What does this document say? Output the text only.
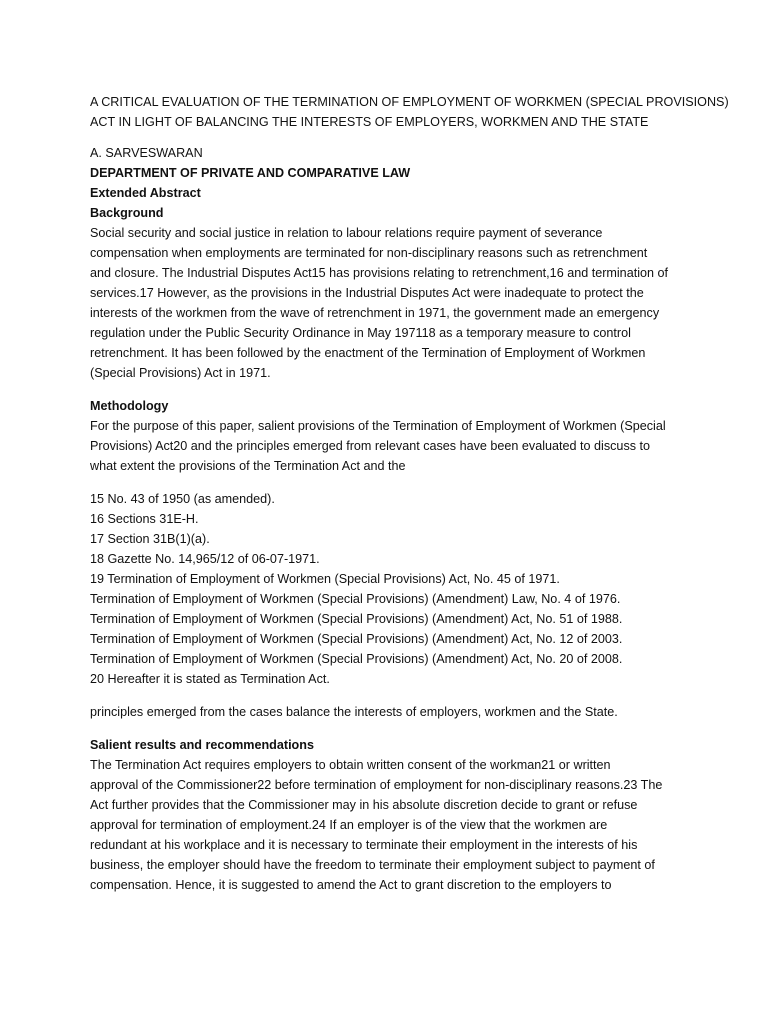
A CRITICAL EVALUATION OF THE TERMINATION OF EMPLOYMENT OF WORKMEN (SPECIAL PROVISIONS)
ACT IN LIGHT OF BALANCING THE INTERESTS OF EMPLOYERS, WORKMEN AND THE STATE

A. SARVESWARAN

DEPARTMENT OF PRIVATE AND COMPARATIVE LAW

Extended Abstract

Background

Social security and social justice in relation to labour relations require payment of severance
compensation when employments are terminated for non-disciplinary reasons such as retrenchment
and closure. The Industrial Disputes Act15 has provisions relating to retrenchment,16 and termination of
services.17 However, as the provisions in the Industrial Disputes Act were inadequate to protect the
interests of the workmen from the wave of retrenchment in 1971, the government made an emergency
regulation under the Public Security Ordinance in May 197118 as a temporary measure to control
retrenchment. It has been followed by the enactment of the Termination of Employment of Workmen
(Special Provisions) Act in 1971.

Methodology

For the purpose of this paper, salient provisions of the Termination of Employment of Workmen (Special
Provisions) Act20 and the principles emerged from relevant cases have been evaluated to discuss to
what extent the provisions of the Termination Act and the
15 No. 43 of 1950 (as amended).
16 Sections 31E-H.
17 Section 31B(1)(a).
18 Gazette No. 14,965/12 of 06-07-1971.
19 Termination of Employment of Workmen (Special Provisions) Act, No. 45 of 1971.
Termination of Employment of Workmen (Special Provisions) (Amendment) Law, No. 4 of 1976.
Termination of Employment of Workmen (Special Provisions) (Amendment) Act, No. 51 of 1988.
Termination of Employment of Workmen (Special Provisions) (Amendment) Act, No. 12 of 2003.
Termination of Employment of Workmen (Special Provisions) (Amendment) Act, No. 20 of 2008.
20 Hereafter it is stated as Termination Act.

principles emerged from the cases balance the interests of employers, workmen and the State.

Salient results and recommendations

The Termination Act requires employers to obtain written consent of the workman21 or written
approval of the Commissioner22 before termination of employment for non-disciplinary reasons.23 The
Act further provides that the Commissioner may in his absolute discretion decide to grant or refuse
approval for termination of employment.24 If an employer is of the view that the workmen are
redundant at his workplace and it is necessary to terminate their employment in the interests of his
business, the employer should have the freedom to terminate their employment subject to payment of
compensation. Hence, it is suggested to amend the Act to grant discretion to the employers to
